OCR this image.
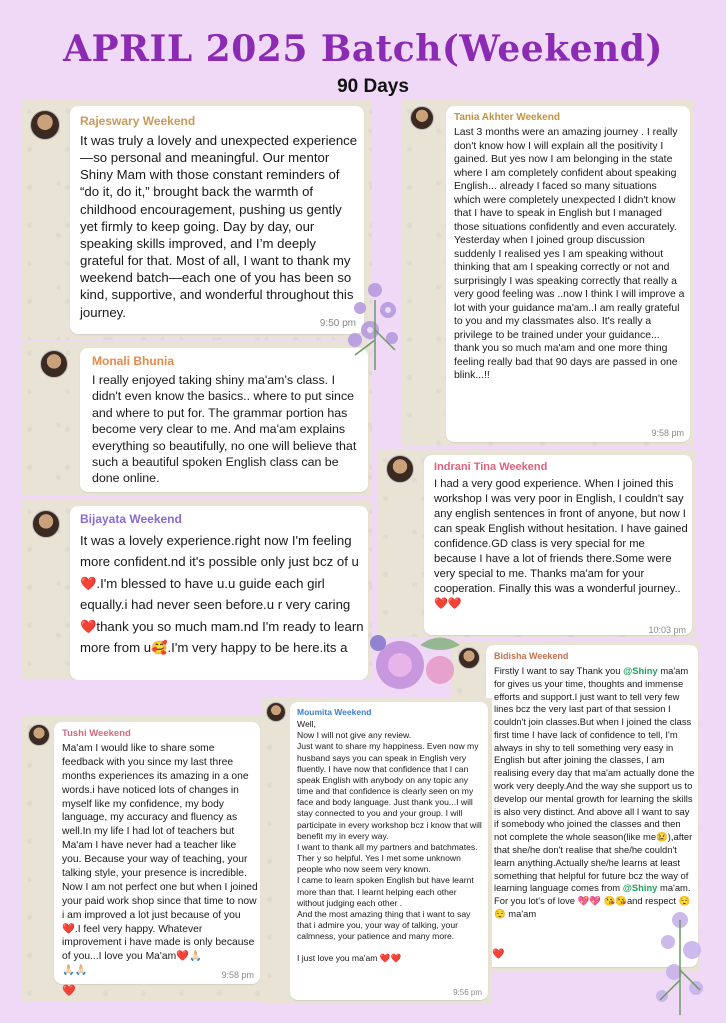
APRIL 2025 Batch(Weekend)
90 Days
Rajeswary Weekend
It was truly a lovely and unexpected experience—so personal and meaningful. Our mentor Shiny Mam with those constant reminders of “do it, do it,” brought back the warmth of childhood encouragement, pushing us gently yet firmly to keep going. Day by day, our speaking skills improved, and I’m deeply grateful for that. Most of all, I want to thank my weekend batch—each one of you has been so kind, supportive, and wonderful throughout this journey.
9:50 pm
Tania Akhter Weekend
Last 3 months were an amazing journey . I really don't know how I will explain all the positivity I gained. But yes now I am belonging in the state where I am completely confident about speaking English... already I faced so many situations which were completely unexpected I didn't know that I have to speak in English but I managed those situations confidently and even accurately. Yesterday when I joined group discussion suddenly I realised yes I am speaking without thinking that am I speaking correctly or not and surprisingly I was speaking correctly that really a very good feeling was ..now I think I will improve a lot with your guidance ma'am..I am really grateful to you and my classmates also. It's really a privilege to be trained under your guidance... thank you so much ma'am and one more thing feeling really bad that 90 days are passed in one blink...!!
9:58 pm
Monali Bhunia
I really enjoyed taking shiny ma'am's class. I didn't even know the basics.. where to put since and where to put for. The grammar portion has become very clear to me. And ma'am explains everything so beautifully, no one will believe that such a beautiful spoken English class can be done online.
Indrani Tina Weekend
I had a very good experience. When I joined this workshop I was very poor in English, I couldn't say any english sentences in front of anyone, but now I can speak English without hesitation. I have gained confidence.GD class is very special for me because I have a lot of friends there.Some were very special to me. Thanks ma'am for your cooperation. Finally this was a wonderful journey.. ❤️❤️
10:03 pm
Bijayata Weekend
It was a lovely experience.right now I'm feeling more confident.nd it's possible only just bcz of u❤️.I'm blessed to have u.u guide each girl equally.i had never seen before.u r very caring❤️thank you so much mam.nd I'm ready to learn more from u🥰.I'm very happy to be here.its a
Bidisha Weekend
Firstly I want to say Thank you @Shiny ma'am for gives us your time, thoughts and immense efforts and support.I just want to tell very few lines bcz the very last part of that session I couldn't join classes.But when I joined the class first time I have lack of confidence to tell, I'm always in shy to tell something very easy in English but after joining the classes, I am realising every day that ma'am actually done the work very deeply.And the way she support us to develop our mental growth for learning the skills is also very distinct. And above all I want to say if somebody who joined the classes and then not complete the whole season(like me😢),after that she/he don't realise that she/he couldn't learn anything.Actually she/he learns at least something that helpful for future bcz the way of learning language comes from @Shiny ma'am. For you lot's of love 💖💖 😘😘and respect 😌😌 ma'am
❤️
Tushi Weekend
Ma'am I would like to share some feedback with you since my last three months experiences its amazing in a one words.i have noticed lots of changes in myself like my confidence, my body language, my accuracy and fluency as well.In my life I had lot of teachers but Ma'am I have never had a teacher like you. Because your way of teaching, your talking style, your presence is incredible. Now I am not perfect one but when I joined your paid work shop since that time to now i am improved a lot just because of you❤️.I feel very happy. Whatever improvement i have made is only because of you...I love you Ma'am❤️🙏🏻
🙏🏻🙏🏻	9:58 pm
❤️
Moumita Weekend
Well,
Now I will not give any review.
Just want to share my happiness. Even now my husband says you can speak in English very fluently. I have now that confidence that I can speak English with anybody on any topic any time and that confidence is clearly seen on my face and body language. Just thank you...I will stay connected to you and your group. I will participate in every workshop bcz i know that will benefit my in every way.
I want to thank all my partners and batchmates. Ther y so helpful. Yes I met some unknown people who now seem very known.
I came to learn spoken English but have learnt more than that. I learnt helping each other without judging each other .
And the most amazing thing that i want to say that i admire you, your way of talking, your calmness, your patience and many more.
I just love you ma'am ❤️❤️
9:56 pm
